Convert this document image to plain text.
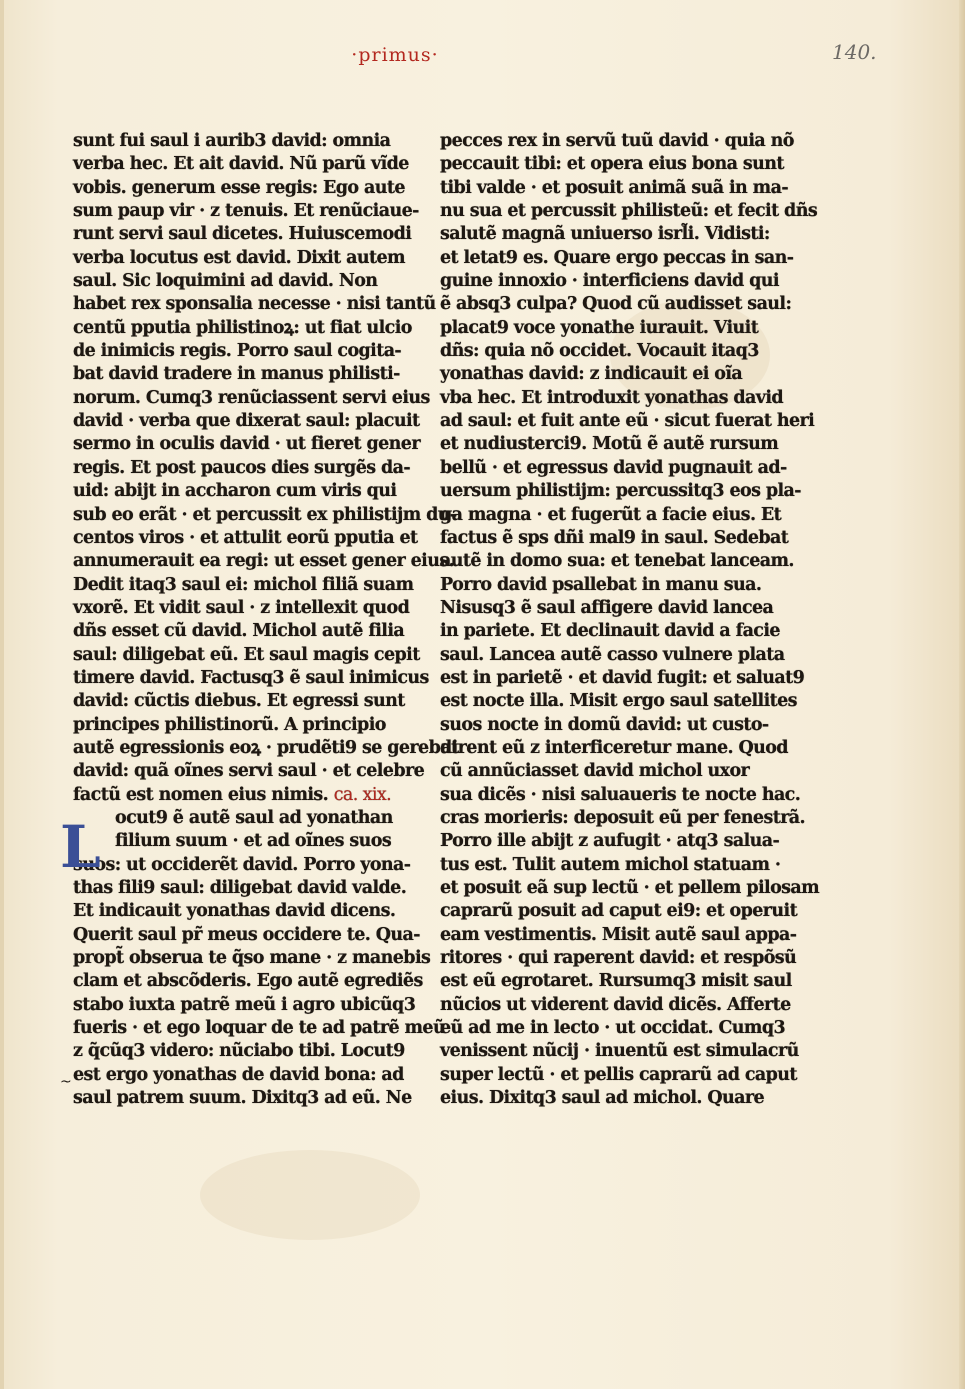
·primus·	140.
sunt fui saul i aurib3 david: omnia
verba hec. Et ait david. Nũ parũ vĩde
vobis. generum esse regis: Ego aute
sum paup vir · z tenuis. Et renũciaue-
runt servi saul dicetes. Huiuscemodi
verba locutus est david. Dixit autem
saul. Sic loquimini ad david. Non
habet rex sponsalia necesse · nisi tantũ
centũ pputia philistinoꝝ: ut fiat ulcio
de inimicis regis. Porro saul cogita-
bat david tradere in manus philisti-
norum. Cumq3 renũciassent servi eius
david · verba que dixerat saul: placuit
sermo in oculis david · ut fieret gener
regis. Et post paucos dies surgẽs da-
uid: abijt in accharon cum viris qui
sub eo erãt · et percussit ex philistijm du-
centos viros · et attulit eorũ pputia et
annumerauit ea regi: ut esset gener eius.
Dedit itaq3 saul ei: michol filiã suam
vxorẽ. Et vidit saul · z intellexit quod
dñs esset cũ david. Michol autẽ filia
saul: diligebat eũ. Et saul magis cepit
timere david. Factusq3 ẽ saul inimicus
david: cũctis diebus. Et egressi sunt
principes philistinorũ. A principio
autẽ egressionis eoꝝ · prudẽti9 se gerebat
david: quã oĩnes servi saul · et celebre
factũ est nomen eius nimis. ca. xix.
ocut9 ẽ autẽ saul ad yonathan
filium suum · et ad oĩnes suos
suos: ut occiderẽt david. Porro yona-
thas fili9 saul: diligebat david valde.
Et indicauit yonathas david dicens.
Querit saul pr̃ meus occidere te. Qua-
propt̃ obserua te q̃so mane · z manebis
clam et abscõderis. Ego autẽ egrediẽs
stabo iuxta patrẽ meũ i agro ubicũq3
fueris · et ego loquar de te ad patrẽ meũ
z q̃cũq3 videro: nũciabo tibi. Locut9
est ergo yonathas de david bona: ad
saul patrem suum. Dixitq3 ad eũ. Ne
L
~
pecces rex in servũ tuũ david · quia nõ
peccauit tibi: et opera eius bona sunt
tibi valde · et posuit animã suã in ma-
nu sua et percussit philisteũ: et fecit dñs
salutẽ magnã uniuerso isrl̃i. Vidisti:
et letat9 es. Quare ergo peccas in san-
guine innoxio · interficiens david qui
ẽ absq3 culpa? Quod cũ audisset saul:
placat9 voce yonathe iurauit. Viuit
dñs: quia nõ occidet. Vocauit itaq3
yonathas david: z indicauit ei oĩa
vba hec. Et introduxit yonathas david
ad saul: et fuit ante eũ · sicut fuerat heri
et nudiusterci9. Motũ ẽ autẽ rursum
bellũ · et egressus david pugnauit ad-
uersum philistijm: percussitq3 eos pla-
ga magna · et fugerũt a facie eius. Et
factus ẽ sps dñi mal9 in saul. Sedebat
autẽ in domo sua: et tenebat lanceam.
Porro david psallebat in manu sua.
Nisusq3 ẽ saul affigere david lancea
in pariete. Et declinauit david a facie
saul. Lancea autẽ casso vulnere plata
est in parietẽ · et david fugit: et saluat9
est nocte illa. Misit ergo saul satellites
suos nocte in domũ david: ut custo-
dirent eũ z interficeretur mane. Quod
cũ annũciasset david michol uxor
sua dicẽs · nisi saluaueris te nocte hac.
cras morieris: deposuit eũ per fenestrã.
Porro ille abijt z aufugit · atq3 salua-
tus est. Tulit autem michol statuam ·
et posuit eã sup lectũ · et pellem pilosam
caprarũ posuit ad caput ei9: et operuit
eam vestimentis. Misit autẽ saul appa-
ritores · qui raperent david: et respõsũ
est eũ egrotaret. Rursumq3 misit saul
nũcios ut viderent david dicẽs. Afferte
eũ ad me in lecto · ut occidat. Cumq3
venissent nũcij · inuentũ est simulacrũ
super lectũ · et pellis caprarũ ad caput
eius. Dixitq3 saul ad michol. Quare
